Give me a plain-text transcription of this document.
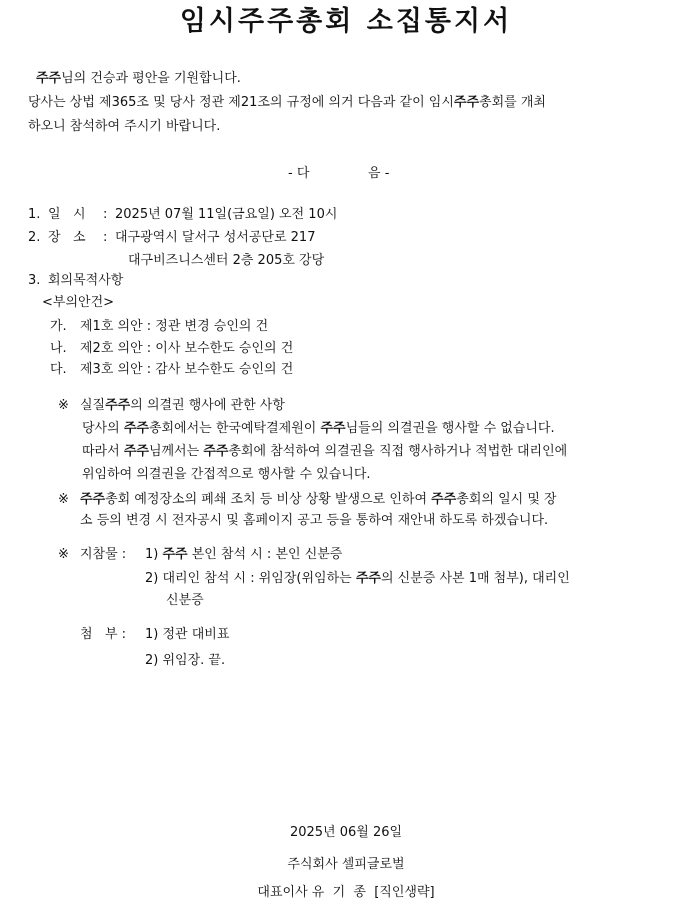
임시주주총회 소집통지서
주주님의 건승과 평안을 기원합니다.
당사는 상법 제365조 및 당사 정관 제21조의 규정에 의거 다음과 같이 임시주주총회를 개최
하오니 참석하여 주시기 바랍니다.
- 다	음 -
1. 일   시 : 2025년 07월 11일(금요일) 오전 10시
2. 장   소 : 대구광역시 달서구 성서공단로 217
대구비즈니스센터 2층 205호 강당
3. 회의목적사항
<부의안건>
가. 제1호 의안 : 정관 변경 승인의 건
나. 제2호 의안 : 이사 보수한도 승인의 건
다. 제3호 의안 : 감사 보수한도 승인의 건
※ 실질주주의 의결권 행사에 관한 사항
당사의 주주총회에서는 한국예탁결제원이 주주님들의 의결권을 행사할 수 없습니다.
따라서 주주님께서는 주주총회에 참석하여 의결권을 직접 행사하거나 적법한 대리인에
위임하여 의결권을 간접적으로 행사할 수 있습니다.
※ 주주총회 예정장소의 폐쇄 조치 등 비상 상황 발생으로 인하여 주주총회의 일시 및 장
소 등의 변경 시 전자공시 및 홈페이지 공고 등을 통하여 재안내 하도록 하겠습니다.
※ 지참물 : 1) 주주 본인 참석 시 : 본인 신분증
2) 대리인 참석 시 : 위임장(위임하는 주주의 신분증 사본 1매 첨부), 대리인
신분증
첨   부 : 1) 정관 대비표
2) 위임장. 끝.
2025년 06월 26일
주식회사 셀피글로벌
대표이사 유  기  종  [직인생략]
